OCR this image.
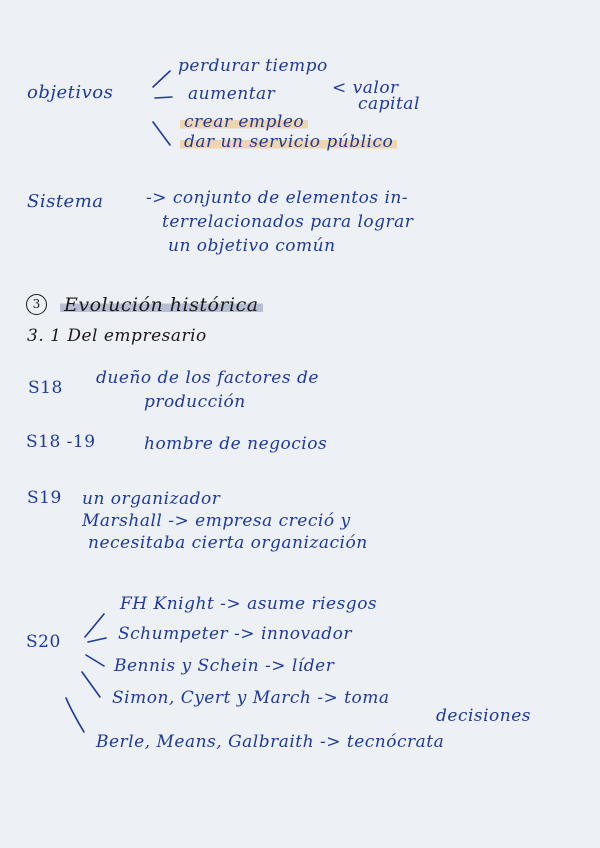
objetivos
perdurar tiempo
aumentar	< valor
capital
crear empleo
dar un servicio público
Sistema -> conjunto de elementos in-
terrelacionados para lograr
un objetivo común
3	Evolución histórica
3. 1 Del empresario
S18 dueño de los factores de
producción
S18 -19	hombre de negocios
S19 un organizador
Marshall -> empresa creció y
necesitaba cierta organización
S20
FH Knight -> asume riesgos
Schumpeter -> innovador
Bennis y Schein -> líder
Simon, Cyert y March -> toma
decisiones
Berle, Means, Galbraith -> tecnócrata
